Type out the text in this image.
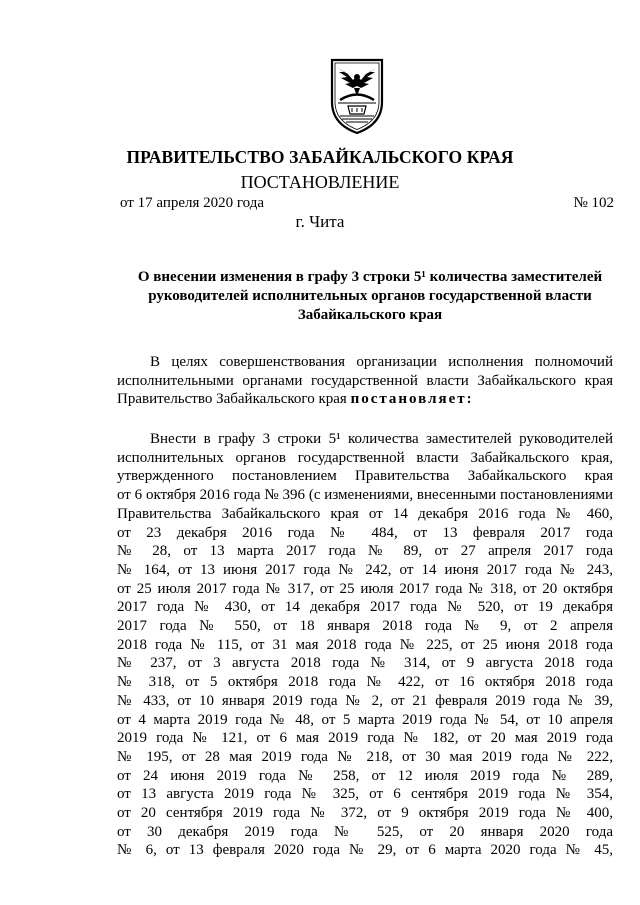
ПРАВИТЕЛЬСТВО ЗАБАЙКАЛЬСКОГО КРАЯ
ПОСТАНОВЛЕНИЕ
от 17 апреля 2020 года	№ 102
г. Чита
О внесении изменения в графу 3 строки 5¹ количества заместителей
руководителей исполнительных органов государственной власти
Забайкальского края
В целях совершенствования организации исполнения полномочий
исполнительными органами государственной власти Забайкальского края
Правительство Забайкальского края постановляет:
Внести в графу 3 строки 5¹ количества заместителей руководителей
исполнительных органов государственной власти Забайкальского края,
утвержденного постановлением Правительства Забайкальского края
от 6 октября 2016 года № 396 (с изменениями, внесенными постановлениями
Правительства Забайкальского края от 14 декабря 2016 года № 460,
от 23 декабря 2016 года № 484, от 13 февраля 2017 года
№ 28, от 13 марта 2017 года № 89, от 27 апреля 2017 года
№ 164, от 13 июня 2017 года № 242, от 14 июня 2017 года № 243,
от 25 июля 2017 года № 317, от 25 июля 2017 года № 318, от 20 октября
2017 года № 430, от 14 декабря 2017 года № 520, от 19 декабря
2017 года № 550, от 18 января 2018 года № 9, от 2 апреля
2018 года № 115, от 31 мая 2018 года № 225, от 25 июня 2018 года
№ 237, от 3 августа 2018 года № 314, от 9 августа 2018 года
№ 318, от 5 октября 2018 года № 422, от 16 октября 2018 года
№ 433, от 10 января 2019 года № 2, от 21 февраля 2019 года № 39,
от 4 марта 2019 года № 48, от 5 марта 2019 года № 54, от 10 апреля
2019 года № 121, от 6 мая 2019 года № 182, от 20 мая 2019 года
№ 195, от 28 мая 2019 года № 218, от 30 мая 2019 года № 222,
от 24 июня 2019 года № 258, от 12 июля 2019 года № 289,
от 13 августа 2019 года № 325, от 6 сентября 2019 года № 354,
от 20 сентября 2019 года № 372, от 9 октября 2019 года № 400,
от 30 декабря 2019 года № 525, от 20 января 2020 года
№ 6, от 13 февраля 2020 года № 29, от 6 марта 2020 года № 45,
